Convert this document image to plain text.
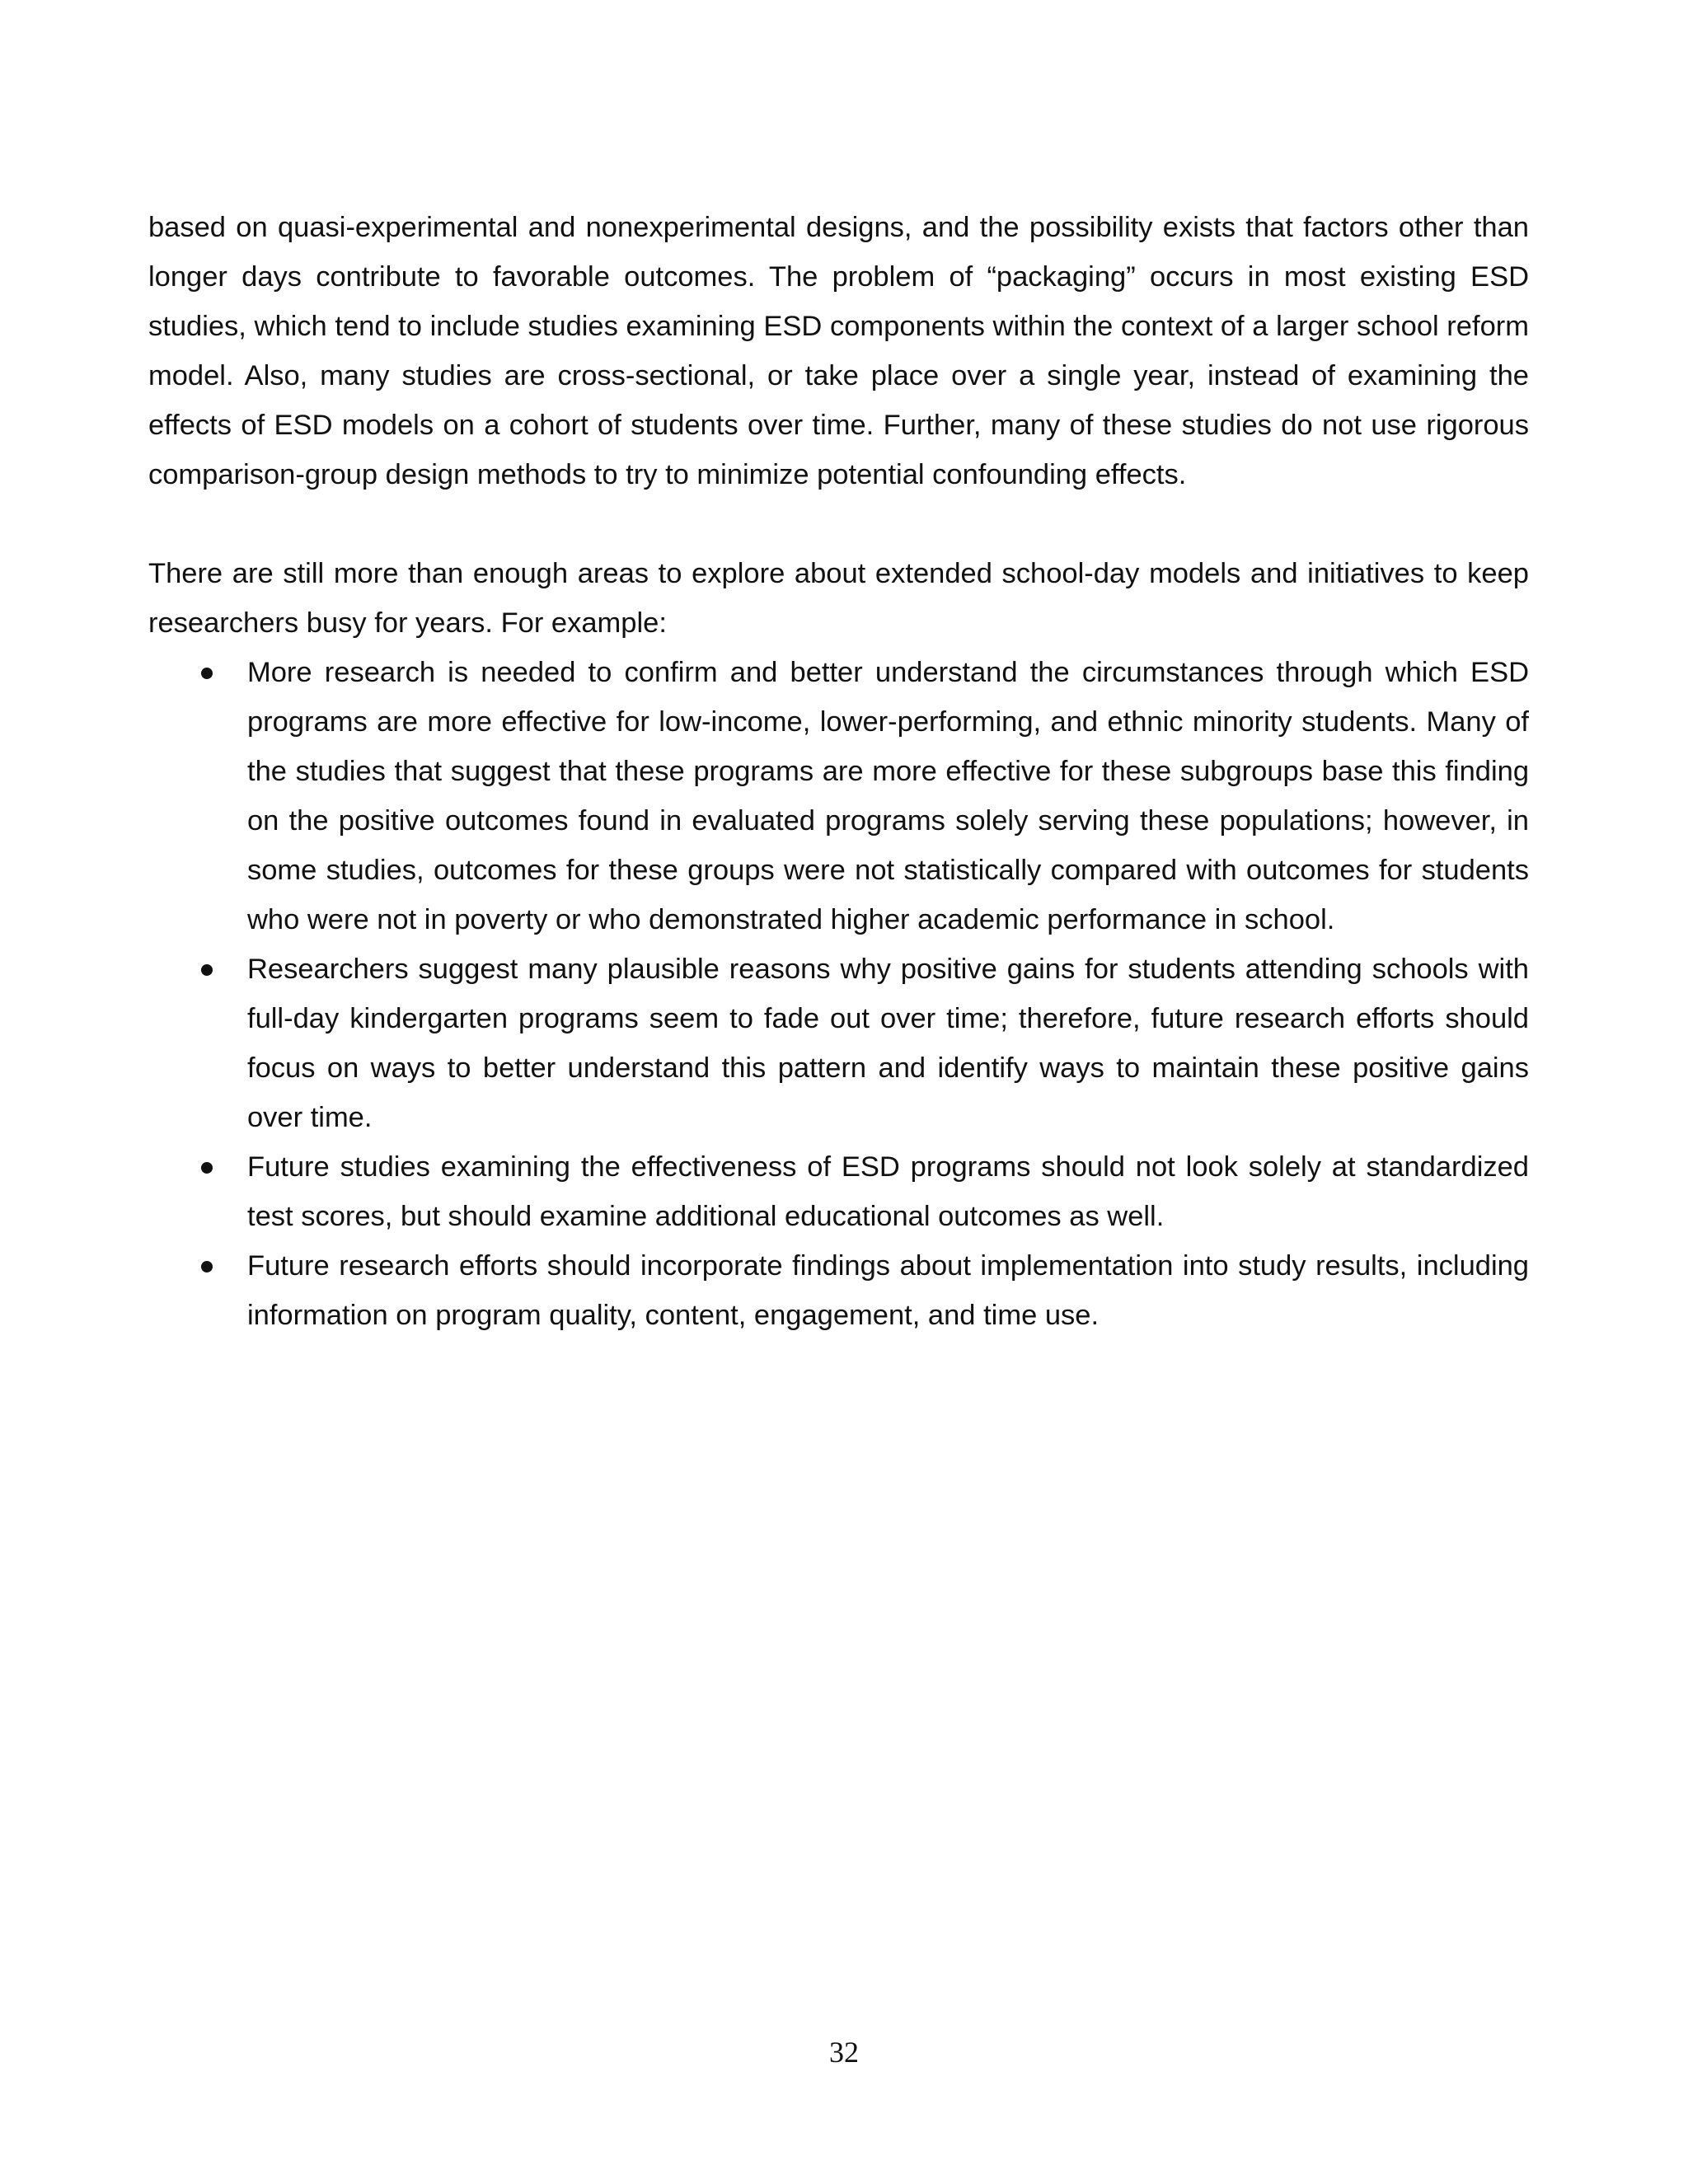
based on quasi-experimental and nonexperimental designs, and the possibility exists that factors other than longer days contribute to favorable outcomes. The problem of “packaging” occurs in most existing ESD studies, which tend to include studies examining ESD components within the context of a larger school reform model. Also, many studies are cross-sectional, or take place over a single year, instead of examining the effects of ESD models on a cohort of students over time. Further, many of these studies do not use rigorous comparison-group design methods to try to minimize potential confounding effects.

There are still more than enough areas to explore about extended school-day models and initiatives to keep researchers busy for years. For example:

More research is needed to confirm and better understand the circumstances through which ESD programs are more effective for low-income, lower-performing, and ethnic minority students. Many of the studies that suggest that these programs are more effective for these subgroups base this finding on the positive outcomes found in evaluated programs solely serving these populations; however, in some studies, outcomes for these groups were not statistically compared with outcomes for students who were not in poverty or who demonstrated higher academic performance in school.
Researchers suggest many plausible reasons why positive gains for students attending schools with full-day kindergarten programs seem to fade out over time; therefore, future research efforts should focus on ways to better understand this pattern and identify ways to maintain these positive gains over time.
Future studies examining the effectiveness of ESD programs should not look solely at standardized test scores, but should examine additional educational outcomes as well.
Future research efforts should incorporate findings about implementation into study results, including information on program quality, content, engagement, and time use.
32
